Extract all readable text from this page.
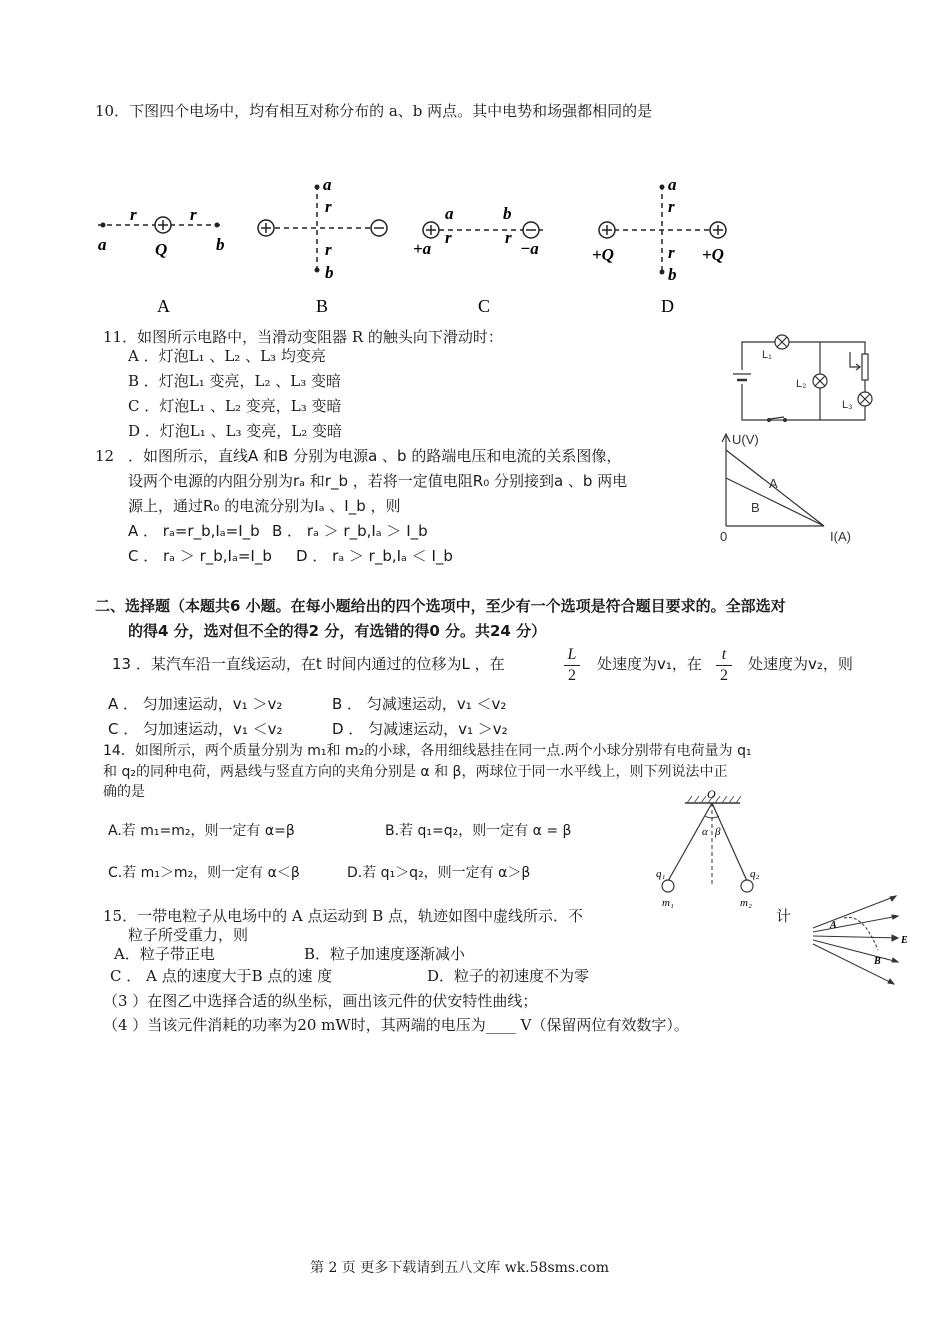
10．下图四个电场中，均有相互对称分布的 a、b 两点。其中电势和场强都相同的是
a
r	r
Q	b
A
a
r
r
b
B
a
r
b
r
+a	−a
C
a
r
r
b
+Q	+Q
D
11．如图所示电路中，当滑动变阻器 R 的触头向下滑动时：
A ．灯泡L₁ 、L₂ 、L₃ 均变亮
B ．灯泡L₁ 变亮，L₂ 、L₃ 变暗
C ．灯泡L₁ 、L₂ 变亮，L₃ 变暗
D ．灯泡L₁ 、L₃ 变亮，L₂ 变暗
L₁
L₂
L₃
12 ．如图所示，直线A 和B 分别为电源a 、b 的路端电压和电流的关系图像，
设两个电源的内阻分别为rₐ 和r_b ，若将一定值电阻R₀ 分别接到a 、b 两电
源上，通过R₀ 的电流分别为Iₐ 、I_b ，则
A ． rₐ=r_b,Iₐ=I_b B ． rₐ ＞ r_b,Iₐ ＞ I_b
C ． rₐ ＞ r_b,Iₐ=I_b D ． rₐ ＞ r_b,Iₐ ＜ I_b
U(V)
I(A)
0
A
B
二、选择题（本题共6 小题。在每小题给出的四个选项中，至少有一个选项是符合题目要求的。全部选对
的得4 分，选对但不全的得2 分，有选错的得0 分。共24 分）
13 ．某汽车沿一直线运动，在t 时间内通过的位移为L ，在
L
2
处速度为v₁，在
t
2
处速度为v₂，则
A ． 匀加速运动，v₁ ＞v₂	B ． 匀减速运动，v₁ ＜v₂
C ． 匀加速运动，v₁ ＜v₂	D ． 匀减速运动，v₁ ＞v₂
14．如图所示，两个质量分别为 m₁和 m₂的小球，各用细线悬挂在同一点.两个小球分别带有电荷量为 q₁
和 q₂的同种电荷，两悬线与竖直方向的夹角分别是 α 和 β，两球位于同一水平线上，则下列说法中正
确的是
A.若 m₁=m₂，则一定有 α=β	B.若 q₁=q₂，则一定有 α = β
C.若 m₁＞m₂，则一定有 α＜β	D.若 q₁＞q₂，则一定有 α＞β
O
α β
q₁	q₂
m₁	m₂
15．一带电粒子从电场中的 A 点运动到 B 点，轨迹如图中虚线所示．不	计
粒子所受重力，则
A．粒子带正电	B．粒子加速度逐渐减小
C ． A 点的速度大于B 点的速 度	D．粒子的初速度不为零
A
B
E
（3 ）在图乙中选择合适的纵坐标，画出该元件的伏安特性曲线；
（4 ）当该元件消耗的功率为20 mW时，其两端的电压为____ V（保留两位有效数字）。
第 2 页 更多下载请到五八文库 wk.58sms.com
